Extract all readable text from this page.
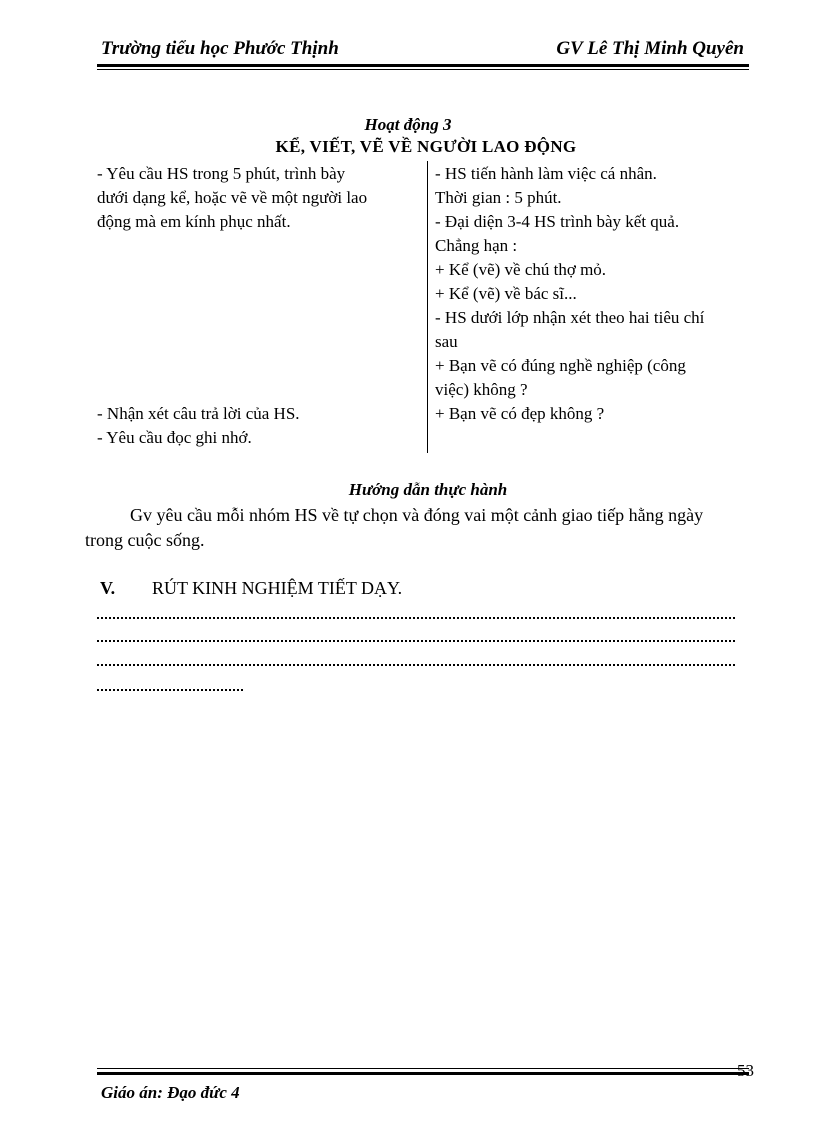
Trường tiểu học Phước Thịnh	GV Lê Thị Minh Quyên
Hoạt động 3
KỂ, VIẾT, VẼ VỀ NGƯỜI LAO ĐỘNG

- Yêu cầu HS trong 5 phút, trình bày

dưới dạng kể, hoặc vẽ về một người lao

động mà em kính phục nhất.

- Nhận xét câu trả lời của HS.

- Yêu cầu đọc ghi nhớ.

- HS tiến hành làm việc cá nhân.

Thời gian : 5 phút.

- Đại diện 3-4 HS trình bày kết quả.

Chẳng hạn :

+ Kể (vẽ) về chú thợ mỏ.

+ Kể (vẽ) về bác sĩ...

- HS dưới lớp nhận xét theo hai tiêu chí

sau

+ Bạn vẽ có đúng nghề nghiệp (công

việc) không ?

+ Bạn vẽ có đẹp không ?

Hướng dẫn thực hành
Gv yêu cầu mỗi nhóm HS về tự chọn và đóng vai một cảnh giao tiếp hằng ngày trong cuộc sống.
V. RÚT KINH NGHIỆM TIẾT DẠY.
53
Giáo án: Đạo đức 4
